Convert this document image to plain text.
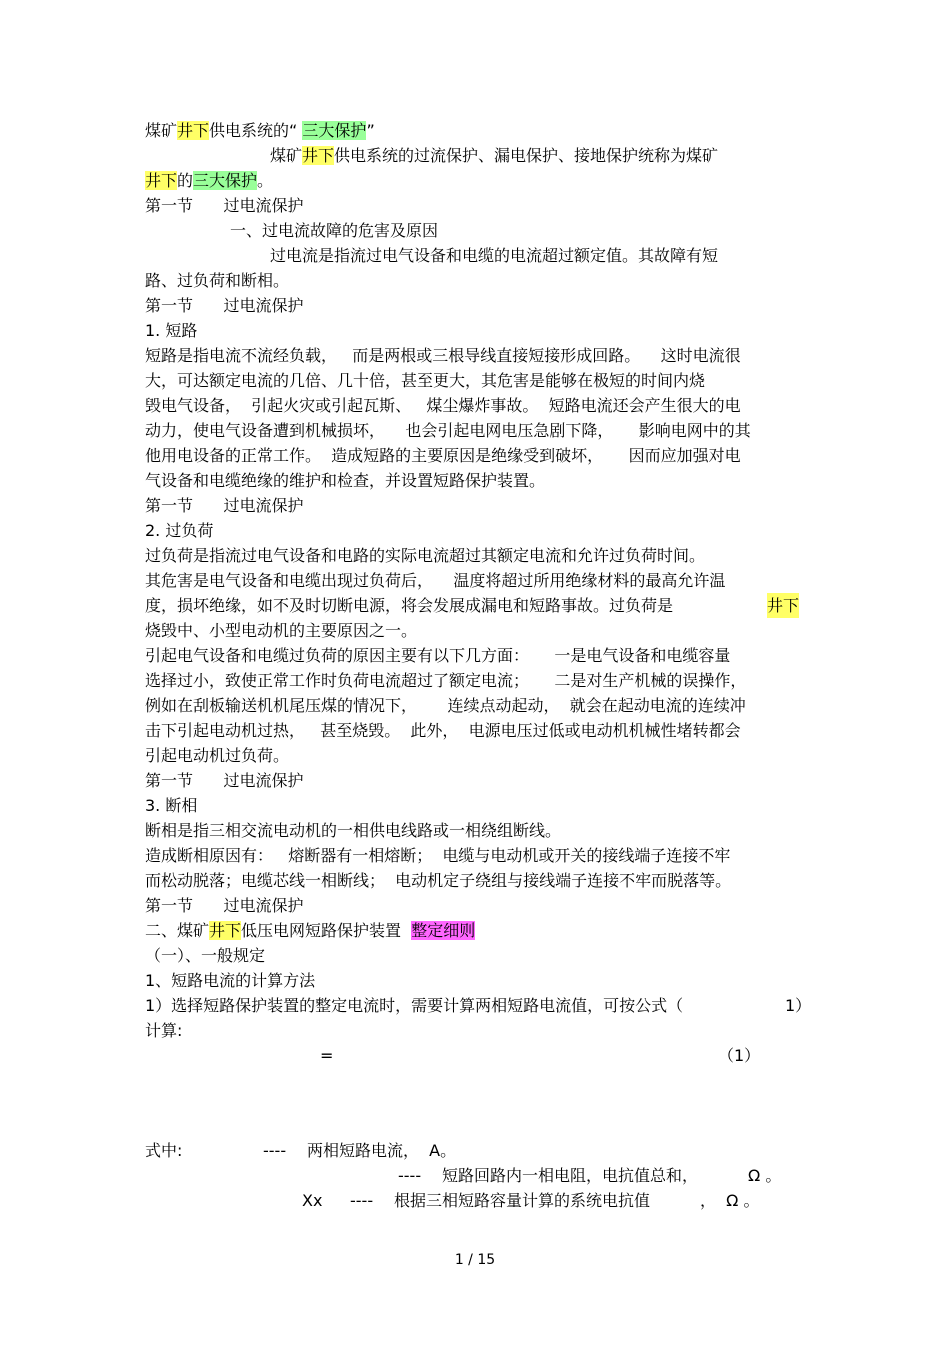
煤矿井下供电系统的“ 三大保护”
煤矿井下供电系统的过流保护、漏电保护、接地保护统称为煤矿
井下的三大保护。
第一节      过电流保护
一、过电流故障的危害及原因
过电流是指流过电气设备和电缆的电流超过额定值。其故障有短
路、过负荷和断相。
第一节      过电流保护
1. 短路
短路是指电流不流经负载，   而是两根或三根导线直接短接形成回路。    这时电流很
大，可达额定电流的几倍、几十倍，甚至更大，其危害是能够在极短的时间内烧
毁电气设备，  引起火灾或引起瓦斯、   煤尘爆炸事故。  短路电流还会产生很大的电
动力，使电气设备遭到机械损坏，    也会引起电网电压急剧下降，     影响电网中的其
他用电设备的正常工作。  造成短路的主要原因是绝缘受到破坏，     因而应加强对电
气设备和电缆绝缘的维护和检查，并设置短路保护装置。
第一节      过电流保护
2. 过负荷
过负荷是指流过电气设备和电路的实际电流超过其额定电流和允许过负荷时间。
其危害是电气设备和电缆出现过负荷后，    温度将超过所用绝缘材料的最高允许温
度，损坏绝缘，如不及时切断电源，将会发展成漏电和短路事故。过负荷是	井下
烧毁中、小型电动机的主要原因之一。
引起电气设备和电缆过负荷的原因主要有以下几方面：     一是电气设备和电缆容量
选择过小，致使正常工作时负荷电流超过了额定电流；     二是对生产机械的误操作，
例如在刮板输送机机尾压煤的情况下，      连续点动起动，  就会在起动电流的连续冲
击下引起电动机过热，   甚至烧毁。  此外，  电源电压过低或电动机机械性堵转都会
引起电动机过负荷。
第一节      过电流保护
3. 断相
断相是指三相交流电动机的一相供电线路或一相绕组断线。
造成断相原因有：   熔断器有一相熔断；  电缆与电动机或开关的接线端子连接不牢
而松动脱落；电缆芯线一相断线；  电动机定子绕组与接线端子连接不牢而脱落等。
第一节      过电流保护
二、煤矿井下低压电网短路保护装置  整定细则
（一）、一般规定
1、短路电流的计算方法
1）选择短路保护装置的整定电流时，需要计算两相短路电流值，可按公式（	1）
计算:
=	（1）
式中:	---- 两相短路电流，  A。
---- 短路回路内一相电阻，电抗值总和，	Ω 。
Xx ---- 根据三相短路容量计算的系统电抗值	，  Ω 。
1 / 15
